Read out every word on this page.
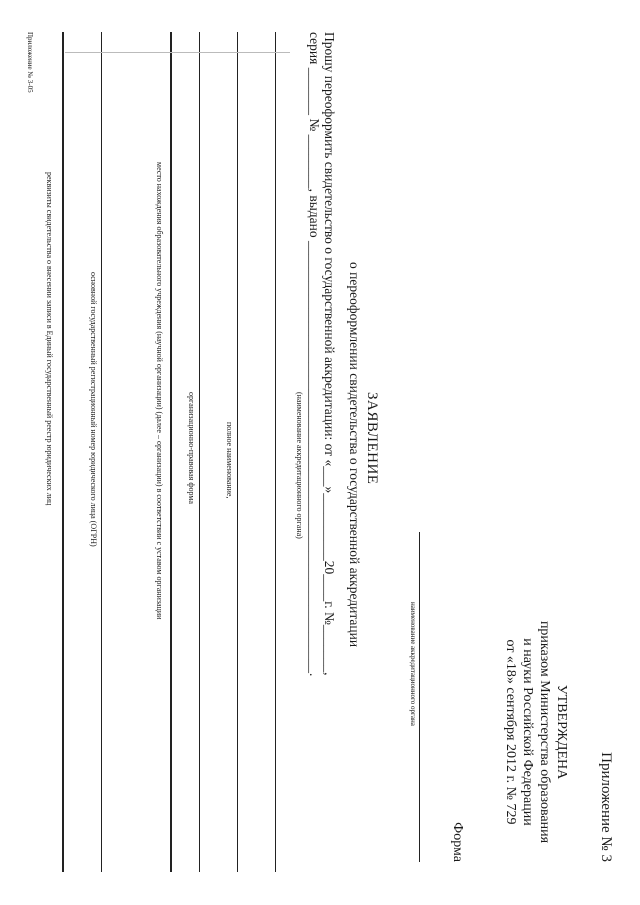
Приложение № 3
УТВЕРЖДЕНА
приказом Министерства образования
и науки Российской Федерации
от «18» сентября 2012 г. № 729
Форма
наименование аккредитационного органа
ЗАЯВЛЕНИЕ
о переоформлении свидетельства о государственной аккредитации
Прошу переоформить свидетельство о государственной аккредитации: от «___»__________20____г. №_______,
серия _______ № ________, выдано ________________________________________________________________.
(наименование аккредитационного органа)
полное наименование,
организационно-правовая форма
место нахождения образовательного учреждения (научной организации) (далее – организации) в соответствии с уставом организации
основной государственный регистрационный номер юридического лица (ОГРН)
реквизиты свидетельства о внесении записи в Единый государственный реестр юридических лиц
Приложение № 3-05
